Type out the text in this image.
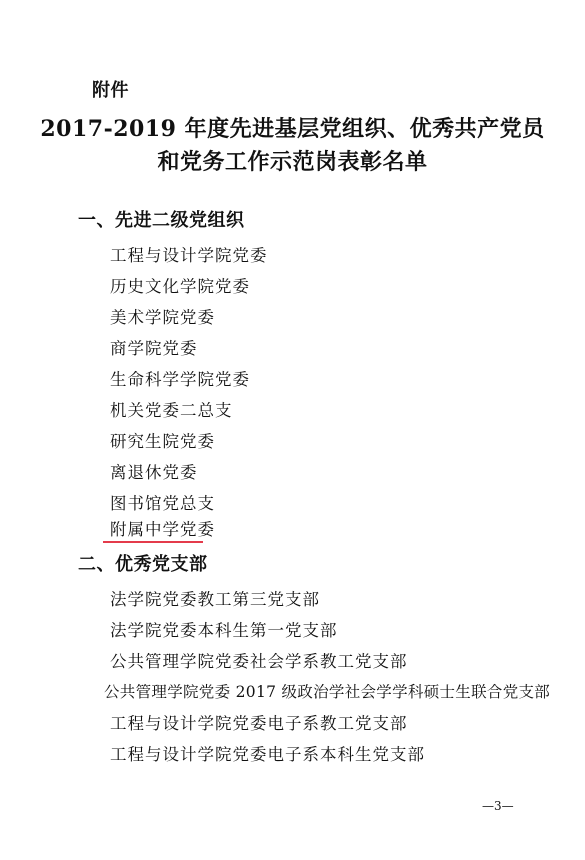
附件
2017-2019 年度先进基层党组织、优秀共产党员
和党务工作示范岗表彰名单
一、先进二级党组织
工程与设计学院党委
历史文化学院党委
美术学院党委
商学院党委
生命科学学院党委
机关党委二总支
研究生院党委
离退休党委
图书馆党总支
附属中学党委
二、优秀党支部
法学院党委教工第三党支部
法学院党委本科生第一党支部
公共管理学院党委社会学系教工党支部
公共管理学院党委 2017 级政治学社会学学科硕士生联合党支部
工程与设计学院党委电子系教工党支部
工程与设计学院党委电子系本科生党支部
—3—
